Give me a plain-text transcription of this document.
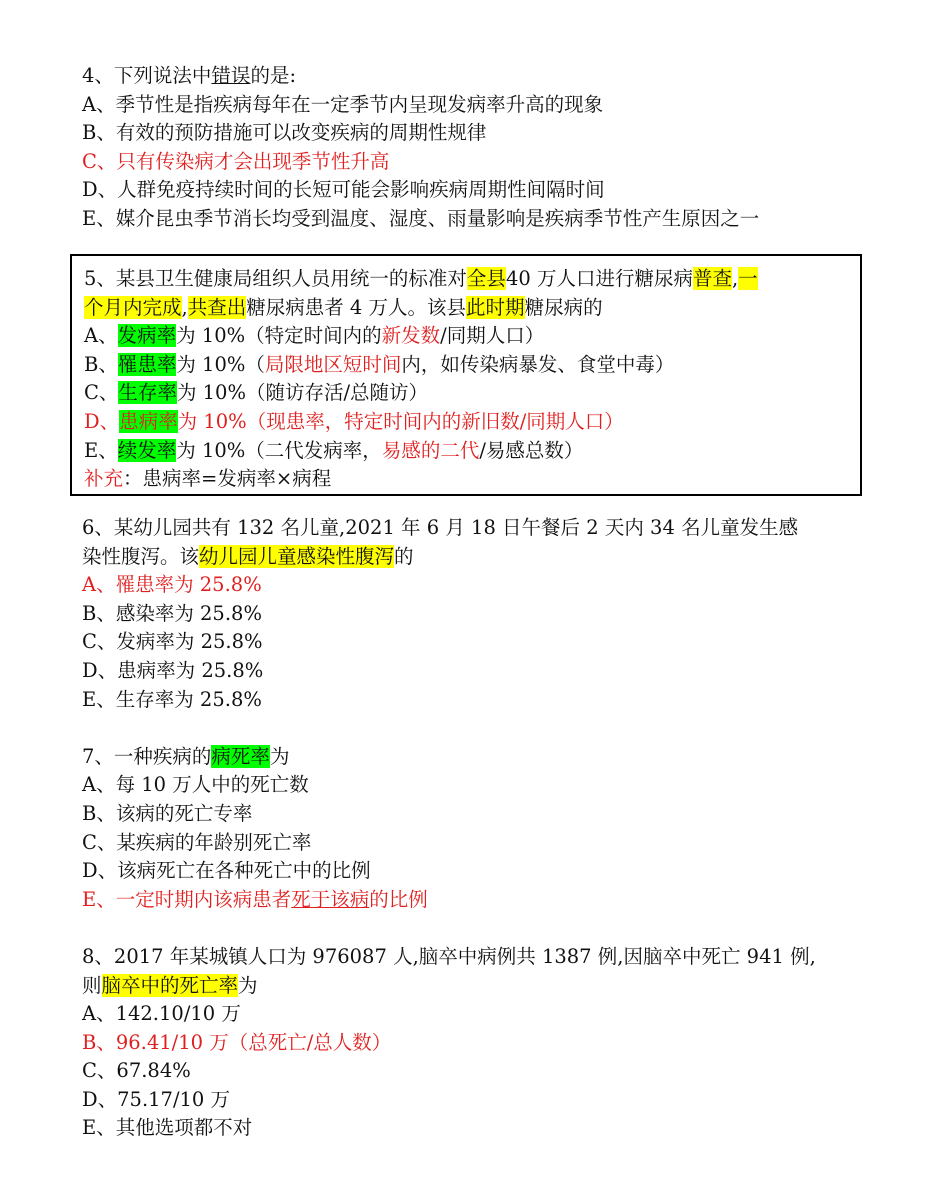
4、下列说法中错误的是:
A、季节性是指疾病每年在一定季节内呈现发病率升高的现象
B、有效的预防措施可以改变疾病的周期性规律
C、只有传染病才会出现季节性升高
D、人群免疫持续时间的长短可能会影响疾病周期性间隔时间
E、媒介昆虫季节消长均受到温度、湿度、雨量影响是疾病季节性产生原因之一
5、某县卫生健康局组织人员用统一的标准对全县40 万人口进行糖尿病普查,一
个月内完成,共查出糖尿病患者 4 万人。该县此时期糖尿病的
A、发病率为 10%（特定时间内的新发数/同期人口）
B、罹患率为 10%（局限地区短时间内，如传染病暴发、食堂中毒）
C、生存率为 10%（随访存活/总随访）
D、患病率为 10%（现患率，特定时间内的新旧数/同期人口）
E、续发率为 10%（二代发病率，易感的二代/易感总数）
补充：患病率=发病率×病程
6、某幼儿园共有 132 名儿童,2021 年 6 月 18 日午餐后 2 天内 34 名儿童发生感
染性腹泻。该幼儿园儿童感染性腹泻的
A、罹患率为 25.8%
B、感染率为 25.8%
C、发病率为 25.8%
D、患病率为 25.8%
E、生存率为 25.8%
7、一种疾病的病死率为
A、每 10 万人中的死亡数
B、该病的死亡专率
C、某疾病的年龄别死亡率
D、该病死亡在各种死亡中的比例
E、一定时期内该病患者死于该病的比例
8、2017 年某城镇人口为 976087 人,脑卒中病例共 1387 例,因脑卒中死亡 941 例,
则脑卒中的死亡率为
A、142.10/10 万
B、96.41/10 万（总死亡/总人数）
C、67.84%
D、75.17/10 万
E、其他选项都不对
